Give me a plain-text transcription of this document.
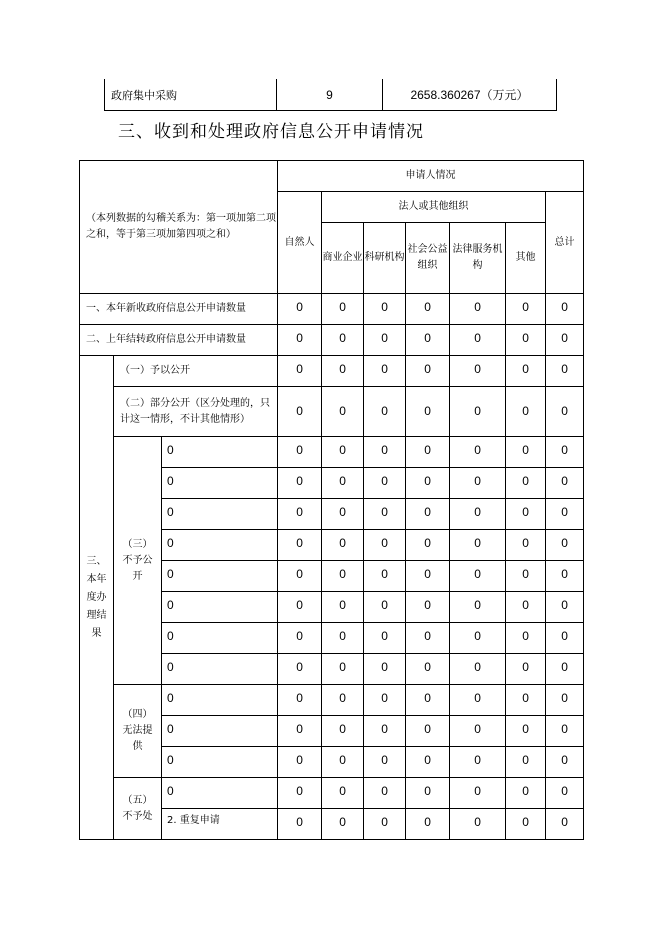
政府集中采购	9	2658.360267（万元）
三、收到和处理政府信息公开申请情况
（本列数据的勾稽关系为：第一项加第二项之和，等于第三项加第四项之和）			申请人情况						
			自然人	法人或其他组织					总计
				商业企业	科研机构	社会公益组织	法律服务机构	其他	
一、本年新收政府信息公开申请数量			0	0	0	0	0	0	0
二、上年结转政府信息公开申请数量			0	0	0	0	0	0	0
三、本年度办理结果	（一）予以公开		0	0	0	0	0	0	0
	（二）部分公开（区分处理的，只计这一情形，不计其他情形）		0	0	0	0	0	0	0
	（三）不予公开	0	0	0	0	0	0	0	0
		0	0	0	0	0	0	0	0
		0	0	0	0	0	0	0	0
		0	0	0	0	0	0	0	0
		0	0	0	0	0	0	0	0
		0	0	0	0	0	0	0	0
		0	0	0	0	0	0	0	0
		0	0	0	0	0	0	0	0
	（四）无法提供	0	0	0	0	0	0	0	0
		0	0	0	0	0	0	0	0
		0	0	0	0	0	0	0	0
	（五）不予处	0	0	0	0	0	0	0	0
		2. 重复申请	0	0	0	0	0	0	0
